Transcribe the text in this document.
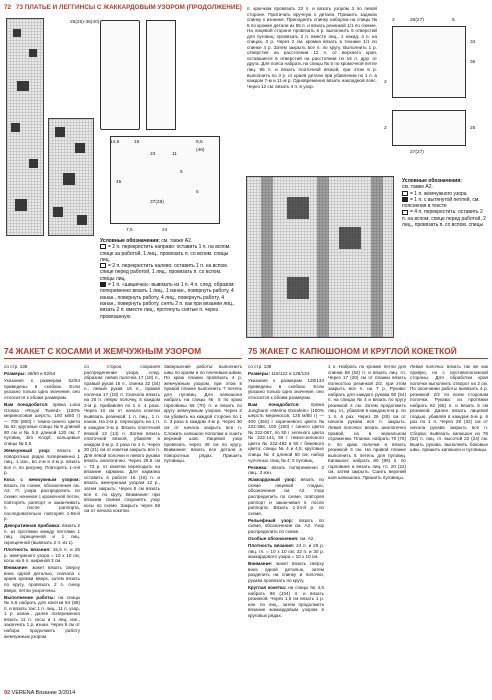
72 73 ПЛАТЬЕ И ЛЕГГИНСЫ С ЖАККАРДОВЫМ УЗОРОМ (ПРОДОЛЖЕНИЕ)
26(26)-36(40)
14,5	16
23	11
45
9,5
(46)
5
37(38)
5
7,5	24
Условные обозначения: см. также А2.
= 2 п. перекрестить направо: оставить 1 п. на вспом. спице за работой, 1 лиц., провязать п. со вспом. спицы лиц.
= 2 п. перекрестить налево: оставить 1 п. на вспом. спице перед работой, 1 лиц., провязать п. со вспом. спицы лиц.
= 1 п. «шишечка»: вывязать из 1 п. 4 п. след. образом: попеременно вязать 1 лиц., 1 изнан., повернуть работу, 4 изнан., повернуть работу, 4 лиц., повернуть работу, 4 изнан., повернуть работу, снять 2 п. как при вязании лиц., вязать 2 п. вместе лиц., протянуть снятые п. через провязанную.

п. крючком провязать 22 п. и вязать узором 3 по левой стороне. Притачать вручную к детали. Пришить заднюю спинку к изнанке. Приподнять спинку набором на спицы № 5 по кромке детали из 55 п. и вязать резинкой 1/1 по спинке. На лицевой стороне провязать 5 р. выполнить 6 отверстий для пуговиц: провязать 2 п. вместе лиц., 1 накид, 4 п. на спицах, 3 р. Через 2 см. кромка вязать в технике 1/1 по спинке 4 р. Затем закрыть все п. по кругу. Выполнить 1 р. отверстия на расстоянии 12 п. от верхнего края, оставшиеся 6 отверстий на расстоянии по 16 п. друг от друга. Для пояса набрать на спицы № 5 по кромочной петле лиц. 95 п. и вязать платочной вязкой, при этом 6 р. выполнить по 3 р. от краев детали при убавлении по 1 п. в каждом 7-м и 11-м р. Одновременно вязать накладной пояс. Через 12 см. вязать 4 п. в узор.

2	26(27)	5
34
36
2
25
27(27)
2
Условные обозначения:
см. также А2.
= 1 п. жемчужного узора
= 1 п. с вытянутой петлей, см. пояснения в тексте
= 4 п. перекрестить: оставить 2 п. на вспом. спице перед работой, 2 лиц., провязать п. со вспом. спицы
74 ЖАКЕТ С КОСАМИ И ЖЕМЧУЖНЫМ УЗОРОМ	75 ЖАКЕТ С КАПЮШОНОМ И КРУГЛОЙ КОКЕТКОЙ

со стр. 138

Размеры: 48/50 и 52/54

Указания к размерам 52/54 приведены в скобках. Если указано только одно значение, оно относится к обоим размерам.

Вам понадобится: пряжа Lana Grossa «Royal Tweed» (100% мериносовая шерсть, 100 м/50 г) — 700 (800) г темно-синего цвета № 62; круговые спицы № 9 длиной 80 см и № 5,5 длиной 120 см; 7 пуговиц Jim Knopf; кольцевые спицы № 5,5.

Жемчужный узор: вязать в поворотных рядах попеременно 1 лиц., 1 изн., во 2-м и 4-м р. вязать все п. по рисунку. Повторять 1-4-й р.

Коса с жемчужным узором: вязать по схеме, обозначения см. А2. П. узора распределить по схеме: начиная с кромочной петли, повторять раппорт и заканчивать п. после раппорта, последовательно повторяя 1-56-й р.

Декоративная прибавка: вязать 2 п. из протяжки между петлями 1 лиц. скрещенной и 1 лиц. скрещенной (вывязать 2 п. из 1).

Плотность вязания: 15,5 п. и 25 р. жемчужного узора = 10 х 10 см, косы на 6 п. шириной 3 см.

Внимание: жакет вязать сверху вниз одной деталью, сначала с краев кромки вверх, затем вязать по кругу, провязать 2 п. снизу вверх, петли укорочены.

Выполнение работы: на спицы № 5,5 набрать для кокетки 84 (88) п. и вязать так: 1 п. лиц., 11 п. узор, 1 р. изнан., далее попеременно вязать 11 п. косы и 1 лиц. изн., закончить 1 р. изнан. Через 8 см от набора продолжить работу жемчужным узором.

со сторон, сохраняя распределение узора, след. образом: левая полочка 17 (18) п., правый рукав 16 п., спинка 32 (34) п., левый рукав 16 п., правая полочка 17 (18) п. Сначала вязать на 25 п. левую полочку, в каждом 2-м р. прибавляя по 1 п. 4 раза. Через 10 см от начала кокетки вывязать резинкой: 1 п. лиц., 1 п. изнан. На 2-м р. переходить на 1 п. в каждом 2-м р. Вязать платочной вязкой 13 (14) п. Затем вязать платочной вязкой, убавляя в каждом 2-м р. 2 раза по 1 п. Через 20 (21) см от кокетки закрыть все п. Для левой полочки и левого рукава вязать аналогично. Через 28,5 см = 73 р. от кокетки переходить на вязание кармана. Для кармана оставить в работе 16 (16) п. и вязать жемчужным узором 12 р., затем закрыть. Через 8 см вязать все п. по кругу. Внимание: при вязании спинки сохранять узор косы по схеме. Закрыть через 68 см от начала кокетки.

Завершение работы: выполнить швы по краям и по плечевым швам. По краю планки провязать 4 р. жемчужным узором, при этом в правой планке выполнить 7 петель для пуговиц. Для капюшона набрать на спицы № 5 по краю горловины 66 (70) п. и вязать по кругу жемчужным узором. Через 2 см убавить на каждой стороне по 1 п. 3 раза в каждом 4-м р. Через 30 см от начала закрыть все п. Сложить капюшон пополам и сшить верхний шов. Лицевой узор провязать через 49 см по кругу. Внимание: вязать все детали в поворотных рядах. Пришить пуговицы.

со стр. 139

Размеры: 116/122 и 128/134

Указания к размерам 128/134 приведены в скобках. Если указано только одно значение, оно относится к обоим размерам.

Вам понадобится: пряжа Junghans «Merino Extrafein» (100% шерсть мериносов, 125 м/50 г) — 400 (450) г коричневого цвета № 222-358, 100 (150) г синего цвета № 222-067, по 50 г зеленого цвета № 222-141, 50 г темно-зеленого цвета № 222-492 и 50 г бежевого цвета; спицы № 4 и 4,5; круговые спицы № 4 длиной 60 см; набор чулочных спиц № 4; 5 пуговиц.

Резинка: вязать попеременно 2 лиц., 2 изн.

Жаккардовый узор: вязать по схеме лицевой гладью, обозначения см. А2. Узор распределить по схеме, повторяя раппорт и заканчивая п. после раппорта. Вязать 1-24-й р. по схеме.

Рельефный узор: вязать по схеме, обозначения см. А2. Узор распределить по схеме.

Особые обозначения: см. А2.

Плотность вязания: 24 п. и 29 р. лиц. гл. = 10 х 10 см; 22 п. и 30 р. жаккардового узора = 10 х 10 см.

Внимание: жакет вязать сверху вниз одной деталью, затем разделить на спинку и полочки, рукава провязать по кругу.

Круглая кокетка: на спицы № 4,5 набрать 96 (104) п. и вязать резинкой. Через 1,5 см вязать 1 р. изн. по лиц., затем продолжить вязание жаккардовым узором в круговых рядах.

1 п. Набрать по кромке петли для спинки 58 (62) п. и вязать лиц. гл. Через 17 (20) см от планки вязать полностью резинкой 2/2, при этом закрыть все п. на 7 р. Рукава: набрать для каждого рукава 50 (54) п. на спицах № 4 и вязать по кругу резинкой 4 см. Затем продолжить лиц. гл., убавляя в каждом 8-м р. по 1 п. 6 раз. Через 26 (29) см от начала рукава все п. закрыть. Левая полочка: вязать аналогично правой, но в зеркальном отражении. Планка: набрать 70 (76) п. по краю полочки и вязать резинкой 3 см. На правой планке выполнить 5 петель для пуговиц. Капюшон: набрать 80 (86) п. по горловине и вязать лиц. гл. 20 (22) см, затем закрыть. Сшить верхний шов капюшона. Пришить пуговицы.

Левая полочка: вязать так же как правую, но с противоположной стороны. Для обработки края полочки выполнить отворот на 2 см. По окончании работы вывязать 4 р. резинкой 2/2 по всем сторонам полочки. Рукава: из протяжки набрать 62 (66) п. и вязать 6 см резинкой. Далее вязать лицевой гладью, убавляя в каждом 6-м р. 6 раз по 1 п. Через 28 (32) см от начала рукава закрыть все п. Сборка: вывязать капюшон из 78 (82) п. лиц. гл. высотой 22 (24) см. Вшить рукава, выполнить боковые швы, пришить капюшон и пуговицы.

92 VERENA Вязание 3/2014
